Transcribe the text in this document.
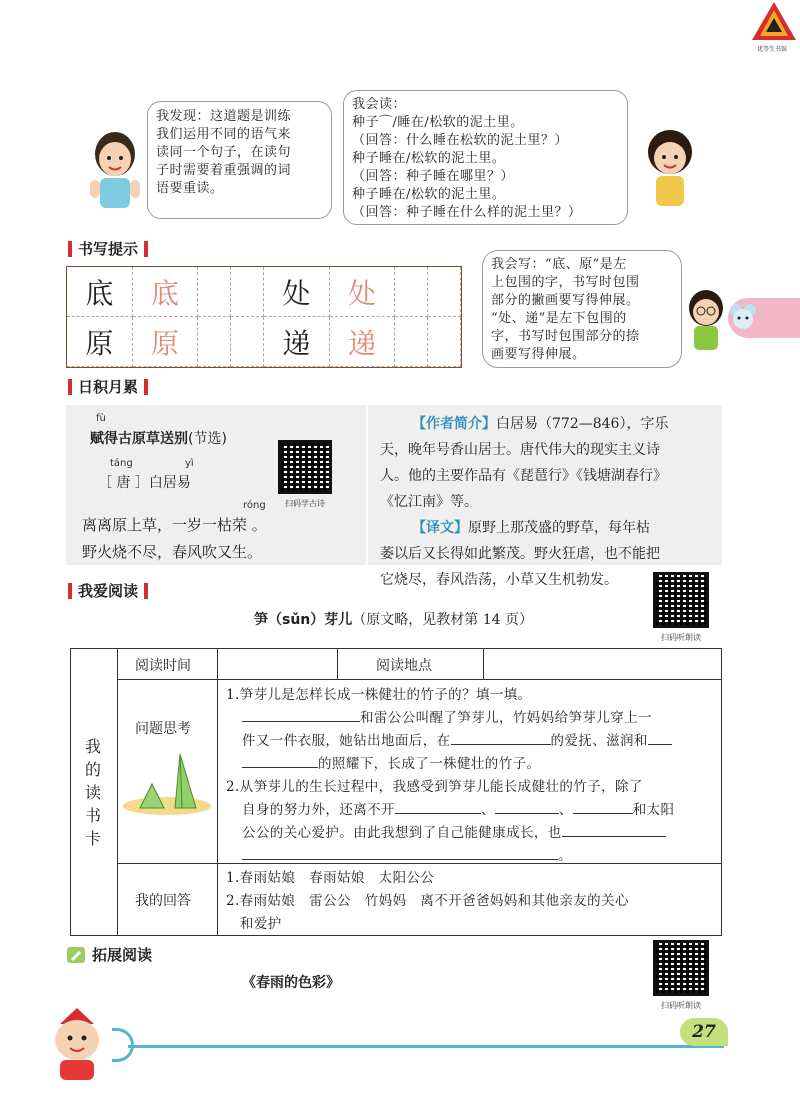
优等生书馆
我发现：这道题是训练
我们运用不同的语气来
读同一个句子，在读句
子时需要着重强调的词
语要重读。
我会读：
种子⌒/睡在/松软的泥土里。
（回答：什么睡在松软的泥土里？）
种子睡在/松软的泥土里。
（回答：种子睡在哪里？）
种子睡在/松软的泥土里。
（回答：种子睡在什么样的泥土里？）
书写提示
底	底	处	处
原	原	递	递
我会写：“底、原”是左
上包围的字，书写时包围
部分的撇画要写得伸展。
“处、递”是左下包围的
字，书写时包围部分的捺
画要写得伸展。
日积月累
fù
赋得古原草送别(节选)
táng	yì
［ 唐 ］白居易
róng
离离原上草，一岁一枯荣 。
野火烧不尽，春风吹又生。
扫码学古诗
【作者简介】白居易（772—846），字乐
天，晚年号香山居士。唐代伟大的现实主义诗
人。他的主要作品有《琵琶行》《钱塘湖春行》
《忆江南》等。
【译文】原野上那茂盛的野草，每年枯
萎以后又长得如此繁茂。野火狂虐，也不能把
它烧尽，春风浩荡，小草又生机勃发。
我爱阅读
笋（sǔn）芽儿（原文略，见教材第 14 页）
扫码听朗读
我
的
读
书
卡
阅读时间	阅读地点
问题思考
1.笋芽儿是怎样长成一株健壮的竹子的？填一填。
和雷公公叫醒了笋芽儿，竹妈妈给笋芽儿穿上一
件又一件衣服，她钻出地面后，在	的爱抚、滋润和
的照耀下，长成了一株健壮的竹子。
2.从笋芽儿的生长过程中，我感受到笋芽儿能长成健壮的竹子，除了
自身的努力外，还离不开	、	、	和太阳
公公的关心爱护。由此我想到了自己能健康成长，也
。
我的回答
1.春雨姑娘　春雨姑娘　太阳公公
2.春雨姑娘　雷公公　竹妈妈　离不开爸爸妈妈和其他亲友的关心
和爱护
拓展阅读
《春雨的色彩》
扫码听朗读
27
